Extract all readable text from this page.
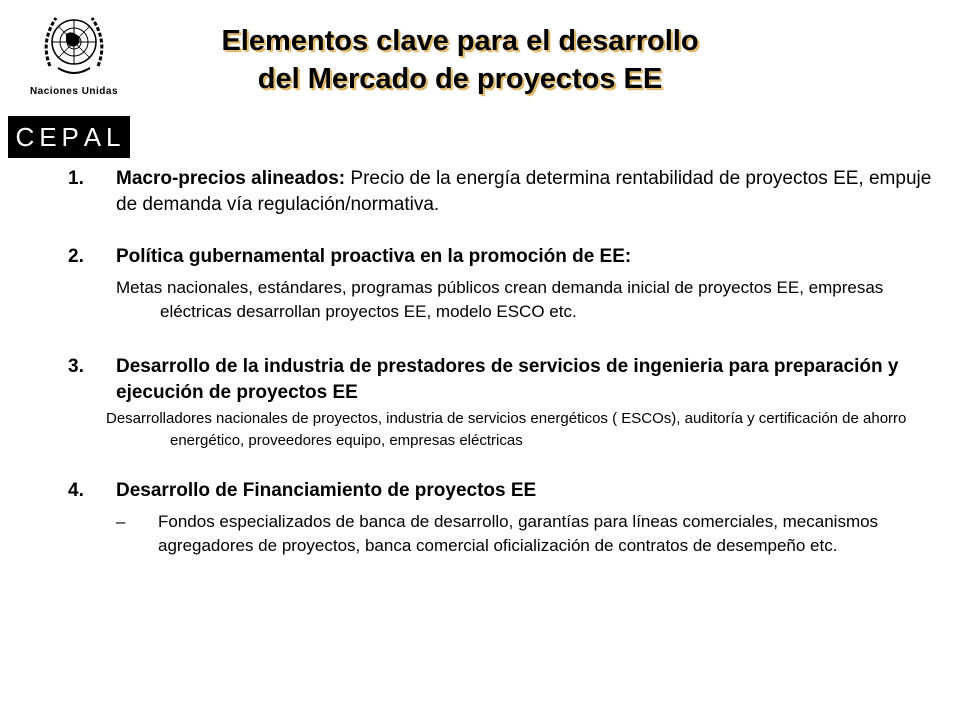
Naciones Unidas
C E P A L
Elementos clave para el desarrollo
del Mercado de proyectos EE
1. Macro-precios alineados: Precio de la energía determina rentabilidad de proyectos EE, empuje de demanda vía regulación/normativa.
2. Política gubernamental proactiva en la promoción de EE:
Metas nacionales, estándares, programas públicos crean demanda inicial de proyectos EE, empresas eléctricas desarrollan proyectos EE, modelo ESCO etc.
3. Desarrollo de la industria de prestadores de servicios de ingenieria para preparación y ejecución de proyectos EE
Desarrolladores nacionales de proyectos, industria de servicios energéticos ( ESCOs), auditoría y certificación de ahorro energético, proveedores equipo, empresas eléctricas
4. Desarrollo de Financiamiento de proyectos EE
– Fondos especializados de banca de desarrollo, garantías para líneas comerciales, mecanismos agregadores de proyectos, banca comercial oficialización de contratos de desempeño etc.
